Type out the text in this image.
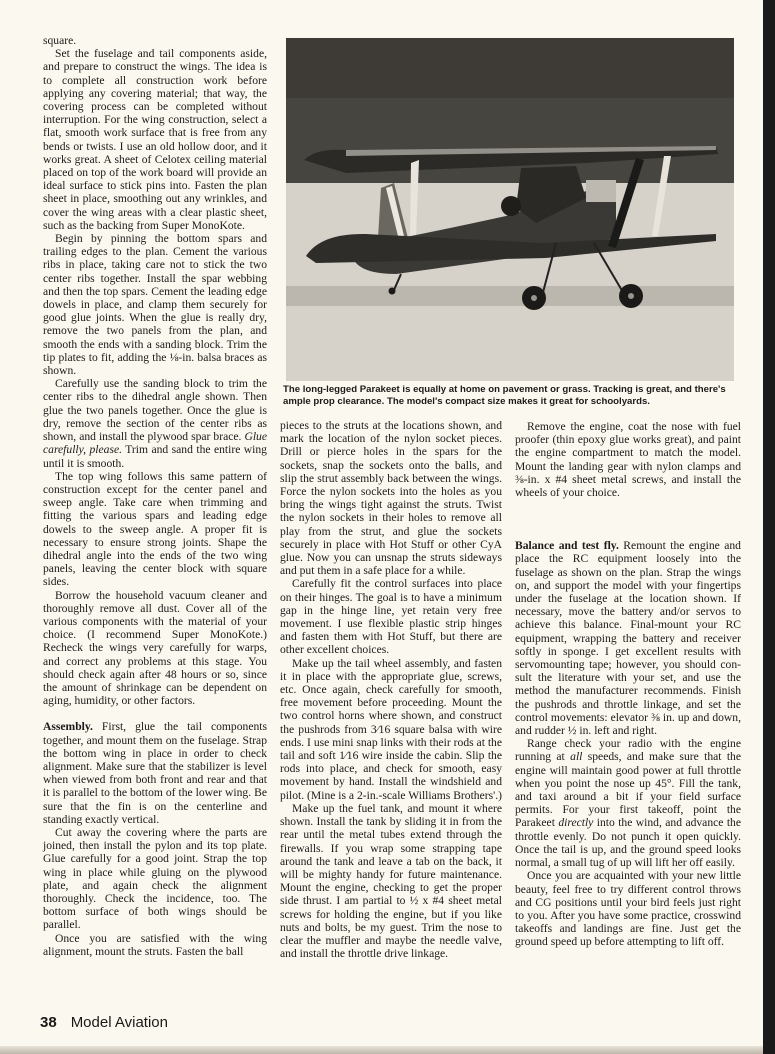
The long-legged Parakeet is equally at home on pavement or grass. Tracking is great, and there's ample prop clearance. The model's compact size makes it great for schoolyards.

square.

Set the fuselage and tail components aside, and prepare to construct the wings. The idea is to complete all construction work before applying any covering material; that way, the covering process can be completed without interruption. For the wing construction, select a flat, smooth work surface that is free from any bends or twists. I use an old hollow door, and it works great. A sheet of Celotex ceiling material placed on top of the work board will provide an ideal surface to stick pins into. Fasten the plan sheet in place, smoothing out any wrinkles, and cover the wing areas with a clear plastic sheet, such as the backing from Super MonoKote.

Begin by pinning the bottom spars and trailing edges to the plan. Cement the various ribs in place, taking care not to stick the two center ribs together. Install the spar webbing and then the top spars. Cement the leading edge dowels in place, and clamp them securely for good glue joints. When the glue is really dry, remove the two panels from the plan, and smooth the ends with a sanding block. Trim the tip plates to fit, adding the ⅛-in. balsa braces as shown.

Carefully use the sanding block to trim the center ribs to the dihedral angle shown. Then glue the two panels together. Once the glue is dry, remove the section of the center ribs as shown, and install the plywood spar brace. Glue carefully, please. Trim and sand the entire wing until it is smooth.

The top wing follows this same pattern of construction except for the center panel and sweep angle. Take care when trimming and fitting the various spars and leading edge dowels to the sweep angle. A proper fit is necessary to ensure strong joints. Shape the dihedral angle into the ends of the two wing panels, leaving the center block with square sides.

Borrow the household vacuum cleaner and thoroughly remove all dust. Cover all of the various components with the material of your choice. (I recommend Super MonoKote.) Recheck the wings very carefully for warps, and correct any problems at this stage. You should check again after 48 hours or so, since the amount of shrinkage can be dependent on aging, humidity, or other factors.

Assembly. First, glue the tail components together, and mount them on the fuselage. Strap the bottom wing in place in order to check alignment. Make sure that the stabilizer is level when viewed from both front and rear and that it is parallel to the bottom of the lower wing. Be sure that the fin is on the centerline and standing exactly vertical.

Cut away the covering where the parts are joined, then install the pylon and its top plate. Glue carefully for a good joint. Strap the top wing in place while gluing on the plywood plate, and again check the alignment thoroughly. Check the incidence, too. The bottom surface of both wings should be parallel.

Once you are satisfied with the wing alignment, mount the struts. Fasten the ball

pieces to the struts at the locations shown, and mark the location of the nylon socket pieces. Drill or pierce holes in the spars for the sockets, snap the sockets onto the balls, and slip the strut assembly back between the wings. Force the nylon sockets into the holes as you bring the wings tight against the struts. Twist the nylon sockets in their holes to remove all play from the strut, and glue the sockets securely in place with Hot Stuff or other CyA glue. Now you can unsnap the struts sideways and put them in a safe place for a while.

Carefully fit the control surfaces into place on their hinges. The goal is to have a minimum gap in the hinge line, yet retain very free movement. I use flexible plastic strip hinges and fasten them with Hot Stuff, but there are other excellent choices.

Make up the tail wheel assembly, and fasten it in place with the appropriate glue, screws, etc. Once again, check carefully for smooth, free movement before proceeding. Mount the two control horns where shown, and construct the pushrods from 3⁄16 square balsa with wire ends. I use mini snap links with their rods at the tail and soft 1⁄16 wire inside the cabin. Slip the rods into place, and check for smooth, easy movement by hand. Install the windshield and pilot. (Mine is a 2-in.-scale Williams Brothers'.)

Make up the fuel tank, and mount it where shown. Install the tank by sliding it in from the rear until the metal tubes extend through the firewalls. If you wrap some strapping tape around the tank and leave a tab on the back, it will be mighty handy for future maintenance. Mount the engine, checking to get the proper side thrust. I am partial to ½ x #4 sheet metal screws for holding the engine, but if you like nuts and bolts, be my guest. Trim the nose to clear the muffler and maybe the needle valve, and install the throttle drive linkage.

Remove the engine, coat the nose with fuel proofer (thin epoxy glue works great), and paint the engine compartment to match the model. Mount the landing gear with nylon clamps and ⅜-in. x #4 sheet metal screws, and install the wheels of your choice.

Balance and test fly. Remount the engine and place the RC equipment loosely into the fuselage as shown on the plan. Strap the wings on, and support the model with your fingertips under the fuselage at the location shown. If necessary, move the battery and/or servos to achieve this balance. Final-mount your RC equipment, wrapping the battery and receiver softly in sponge. I get excellent results with servomounting tape; however, you should consult the literature with your set, and use the method the manufacturer recommends. Finish the pushrods and throttle linkage, and set the control movements: elevator ⅜ in. up and down, and rudder ½ in. left and right.

Range check your radio with the engine running at all speeds, and make sure that the engine will maintain good power at full throttle when you point the nose up 45°. Fill the tank, and taxi around a bit if your field surface permits. For your first takeoff, point the Parakeet directly into the wind, and advance the throttle evenly. Do not punch it open quickly. Once the tail is up, and the ground speed looks normal, a small tug of up will lift her off easily.

Once you are acquainted with your new little beauty, feel free to try different control throws and CG positions until your bird feels just right to you. After you have some practice, crosswind takeoffs and landings are fine. Just get the ground speed up before attempting to lift off.

38 Model Aviation
